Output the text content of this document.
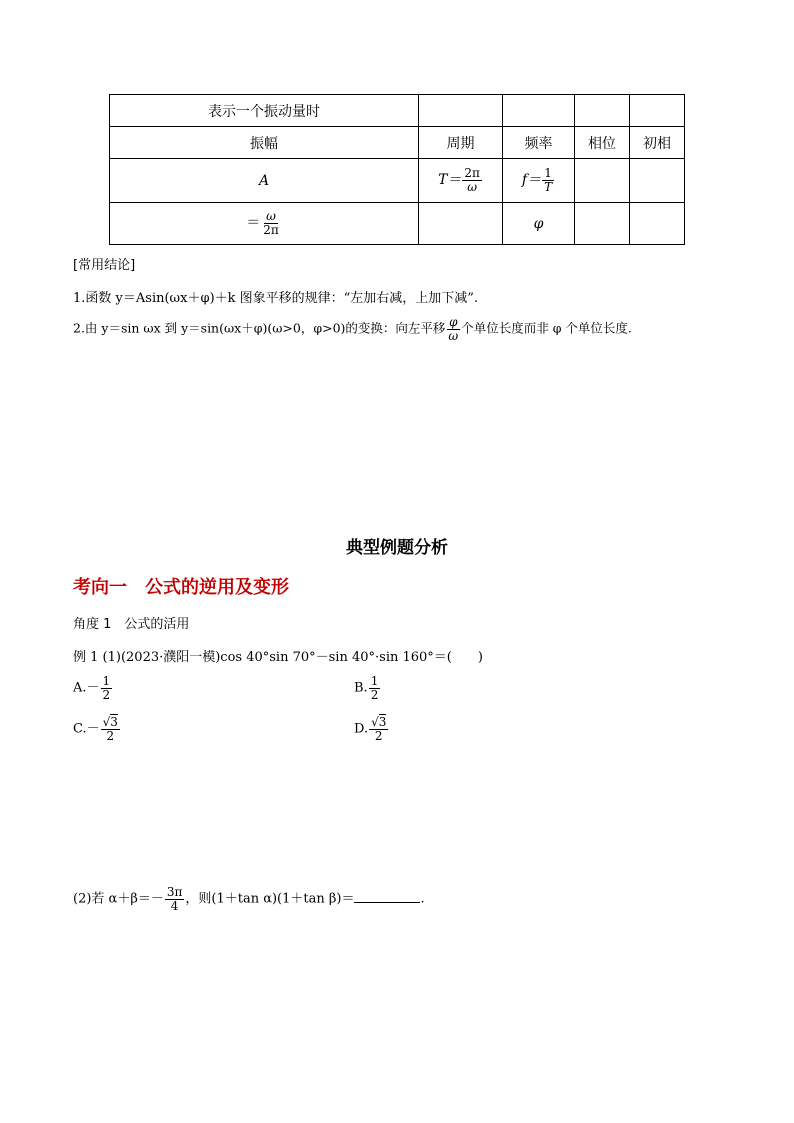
表示一个振动量时				
振幅	周期	频率	相位	初相
A	$T= \frac{2\pi}{\omega}$	$f= \frac{1}{T}$

＝ $\frac{\omega}{2\pi}$		φ		
[常用结论]
1.函数 y＝Asin(ωx＋φ)＋k 图象平移的规律：“左加右减，上加下减”.
2.由 y＝sin ωx 到 y＝sin(ωx＋φ)(ω>0，φ>0)的变换：向左平移 $\frac{\varphi}{\omega}$ 个单位长度而非 φ 个单位长度.
典型例题分析
考向一　公式的逆用及变形
角度 1　公式的活用
例 1 (1)(2023·濮阳一模)cos 40°sin 70°－sin 40°·sin 160°＝(　　)
$A.- \frac{1}{2}$	B. $\frac{1}{2}$
$C.- \frac{√3}{2}$	D. $\frac{√3}{2}$
(2)若 $\alpha+\beta=- \frac{3\pi}{4}$ ，则(1＋tan α)(1＋tan β)＝	.
